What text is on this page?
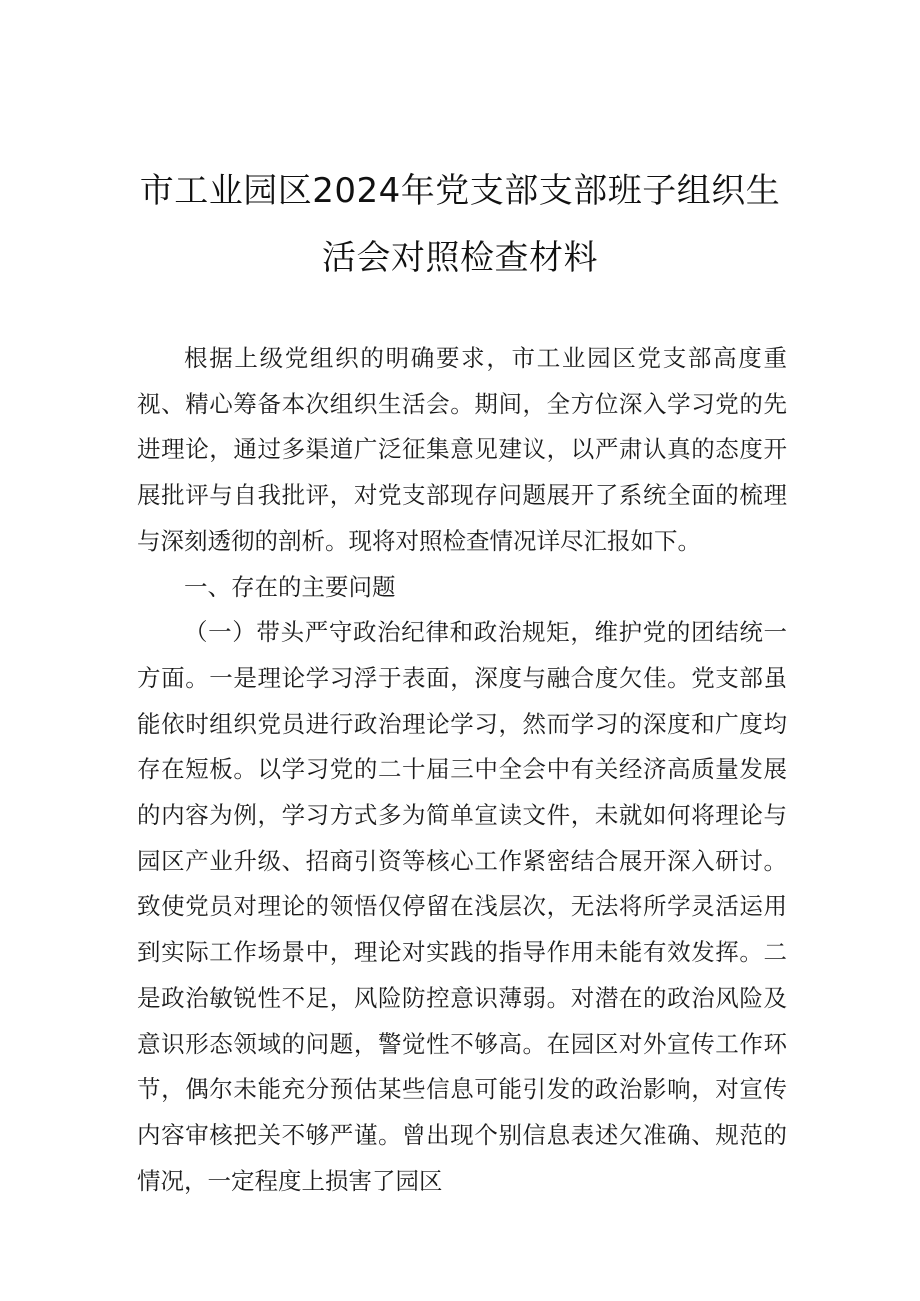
市工业园区2024年党支部支部班子组织生
活会对照检查材料

根据上级党组织的明确要求，市工业园区党支部高度重视、精心筹备本次组织生活会。期间，全方位深入学习党的先进理论，通过多渠道广泛征集意见建议，以严肃认真的态度开展批评与自我批评，对党支部现存问题展开了系统全面的梳理与深刻透彻的剖析。现将对照检查情况详尽汇报如下。

一、存在的主要问题

（一）带头严守政治纪律和政治规矩，维护党的团结统一方面。一是理论学习浮于表面，深度与融合度欠佳。党支部虽能依时组织党员进行政治理论学习，然而学习的深度和广度均存在短板。以学习党的二十届三中全会中有关经济高质量发展的内容为例，学习方式多为简单宣读文件，未就如何将理论与园区产业升级、招商引资等核心工作紧密结合展开深入研讨。致使党员对理论的领悟仅停留在浅层次，无法将所学灵活运用到实际工作场景中，理论对实践的指导作用未能有效发挥。二是政治敏锐性不足，风险防控意识薄弱。对潜在的政治风险及意识形态领域的问题，警觉性不够高。在园区对外宣传工作环节，偶尔未能充分预估某些信息可能引发的政治影响，对宣传内容审核把关不够严谨。曾出现个别信息表述欠准确、规范的情况，一定程度上损害了园区
